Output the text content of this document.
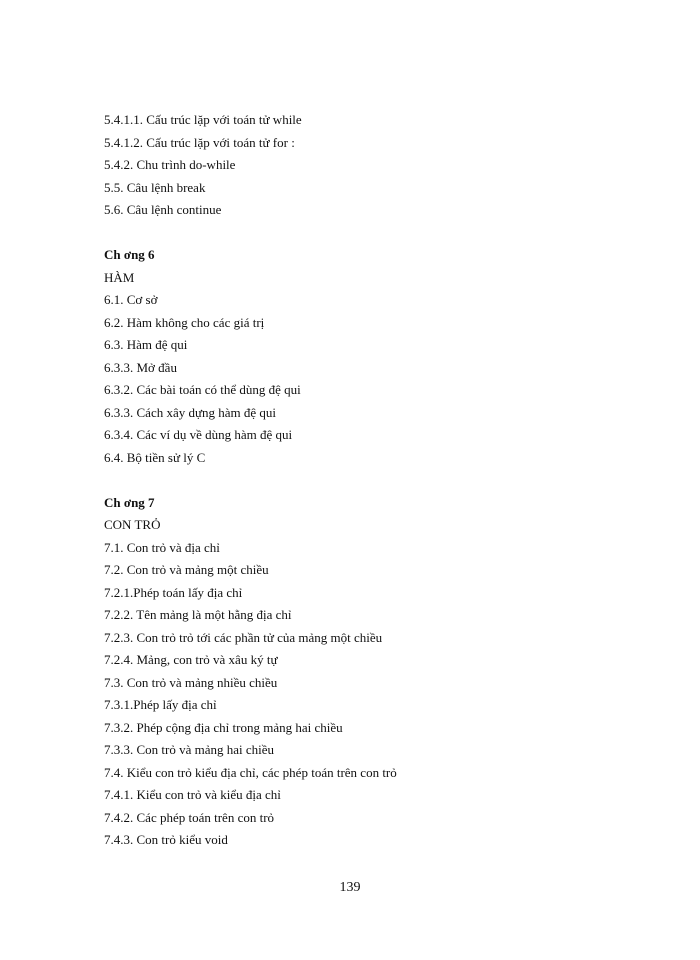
5.4.1.1. Cấu trúc lặp với toán tử while
5.4.1.2. Cấu trúc lặp với toán tử for :
5.4.2. Chu trình do-while
5.5. Câu lệnh break
5.6. Câu lệnh continue
Ch ơng 6
HÀM
6.1. Cơ sở
6.2. Hàm không cho các giá trị
6.3. Hàm đệ qui
6.3.3. Mở đầu
6.3.2. Các bài toán có thể dùng đệ qui
6.3.3. Cách xây dựng hàm đệ qui
6.3.4. Các ví dụ về dùng hàm đệ qui
6.4. Bộ tiền sử lý C
Ch ơng 7
CON TRỎ
7.1. Con trỏ và địa chỉ
7.2. Con trỏ và mảng một chiều
7.2.1.Phép toán lấy địa chỉ
7.2.2. Tên mảng là một hằng địa chỉ
7.2.3. Con trỏ trỏ tới các phần tử của mảng một chiều
7.2.4. Mảng, con trỏ và xâu ký tự
7.3. Con trỏ và mảng nhiều chiều
7.3.1.Phép lấy địa chỉ
7.3.2. Phép cộng địa chỉ trong mảng hai chiều
7.3.3. Con trỏ và mảng hai chiều
7.4. Kiểu con trỏ kiểu địa chỉ, các phép toán trên con trỏ
7.4.1. Kiểu con trỏ và kiểu địa chỉ
7.4.2. Các phép toán trên con trỏ
7.4.3. Con trỏ kiểu void
139
